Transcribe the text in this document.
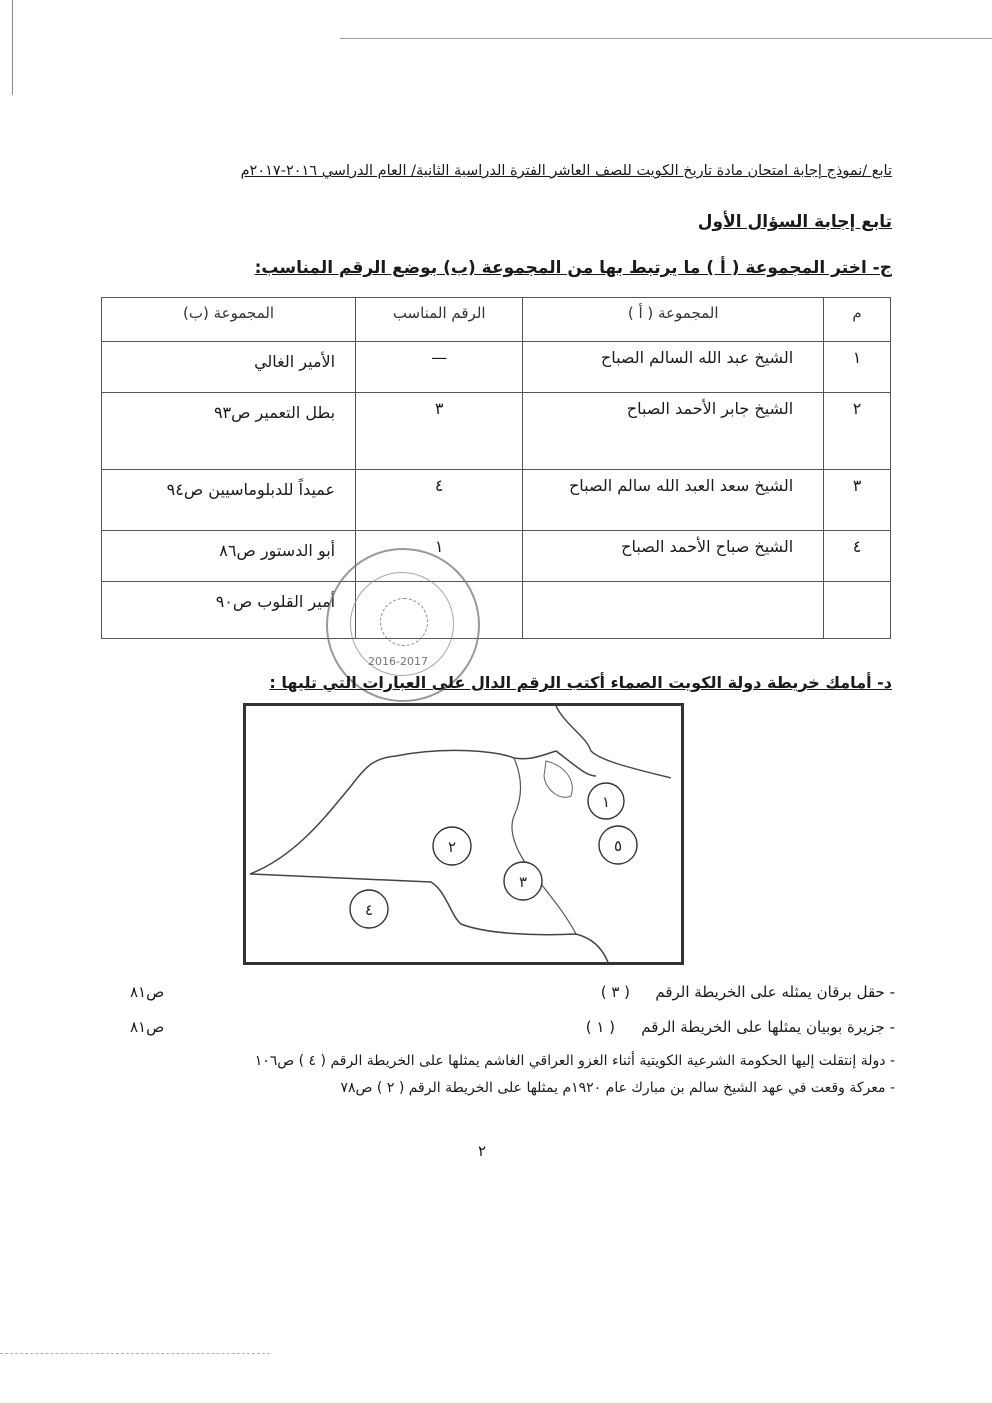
تابع /نموذج إجابة امتحان مادة تاريخ الكويت للصف العاشر الفترة الدراسية الثانية/ العام الدراسي ٢٠١٦-٢٠١٧م
تابع إجابة السؤال الأول
ج- اختر المجموعة ( أ ) ما يرتبط بها من المجموعة (ب) بوضع الرقم المناسب:
م	المجموعة ( أ )	الرقم المناسب	المجموعة (ب)
١	الشيخ عبد الله السالم الصباح	—	الأمير الغالي
٢	الشيخ جابر الأحمد الصباح	٣	بطل التعمير ص٩٣
٣	الشيخ سعد العبد الله سالم الصباح	٤	عميداً للدبلوماسيين ص٩٤
٤	الشيخ صباح الأحمد الصباح	١	أبو الدستور ص٨٦
			أمير القلوب ص٩٠
2016-2017
د- أمامك خريطة دولة الكويت الصماء أكتب الرقم الدال على العبارات التي تليها :
١
٢
٣
٤
٥
- حقل برقان يمثله على الخريطة الرقم
( ٣ )
ص٨١
- جزيرة بوبيان يمثلها على الخريطة الرقم
( ١ )
ص٨١
- دولة إنتقلت إليها الحكومة الشرعية الكويتية أثناء الغزو العراقي الغاشم يمثلها على الخريطة الرقم ( ٤ ) ص١٠٦
- معركة وقعت في عهد الشيخ سالم بن مبارك عام ١٩٢٠م يمثلها على الخريطة الرقم ( ٢ ) ص٧٨
٢
